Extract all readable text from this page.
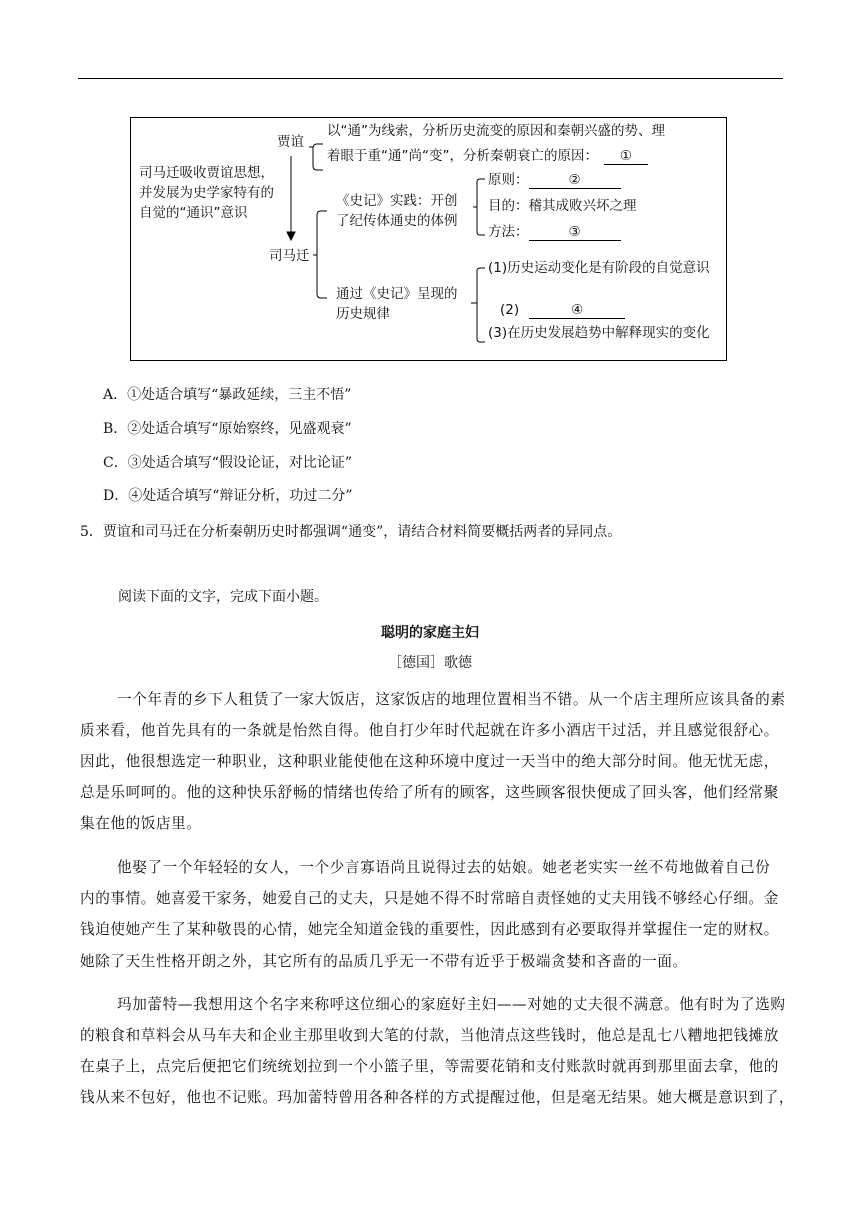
司马迁吸收贾谊思想，
并发展为史学家特有的
自觉的“通识”意识
贾谊
以“通”为线索，分析历史流变的原因和秦朝兴盛的势、理
着眼于重“通”尚“变”，分析秦朝衰亡的原因： ①
司马迁
《史记》实践：开创
了纪传体通史的体例
原则：	②
目的：稽其成败兴坏之理
方法：	③
通过《史记》呈现的
历史规律
(1)历史运动变化是有阶段的自觉意识
(2)	④
(3)在历史发展趋势中解释现实的变化
A．①处适合填写“暴政延续，三主不悟”
B．②处适合填写“原始察终，见盛观衰”
C．③处适合填写“假设论证，对比论证”
D．④处适合填写“辩证分析，功过二分”
5．贾谊和司马迁在分析秦朝历史时都强调“通变”，请结合材料简要概括两者的异同点。
阅读下面的文字，完成下面小题。
聪明的家庭主妇
［德国］歌德
一个年青的乡下人租赁了一家大饭店，这家饭店的地理位置相当不错。从一个店主理所应该具备的素
质来看，他首先具有的一条就是怡然自得。他自打少年时代起就在许多小酒店干过活，并且感觉很舒心。
因此，他很想选定一种职业，这种职业能使他在这种环境中度过一天当中的绝大部分时间。他无忧无虑，
总是乐呵呵的。他的这种快乐舒畅的情绪也传给了所有的顾客，这些顾客很快便成了回头客，他们经常聚
集在他的饭店里。
他娶了一个年轻轻的女人，一个少言寡语尚且说得过去的姑娘。她老老实实一丝不苟地做着自己份
内的事情。她喜爱干家务，她爱自己的丈夫，只是她不得不时常暗自责怪她的丈夫用钱不够经心仔细。金
钱迫使她产生了某种敬畏的心情，她完全知道金钱的重要性，因此感到有必要取得并掌握住一定的财权。
她除了天生性格开朗之外，其它所有的品质几乎无一不带有近乎于极端贪婪和吝啬的一面。
玛加蕾特—我想用这个名字来称呼这位细心的家庭好主妇——对她的丈夫很不满意。他有时为了选购
的粮食和草料会从马车夫和企业主那里收到大笔的付款，当他清点这些钱时，他总是乱七八糟地把钱摊放
在桌子上，点完后便把它们统统划拉到一个小篮子里，等需要花销和支付账款时就再到那里面去拿，他的
钱从来不包好，他也不记账。玛加蕾特曾用各种各样的方式提醒过他，但是毫无结果。她大概是意识到了，
